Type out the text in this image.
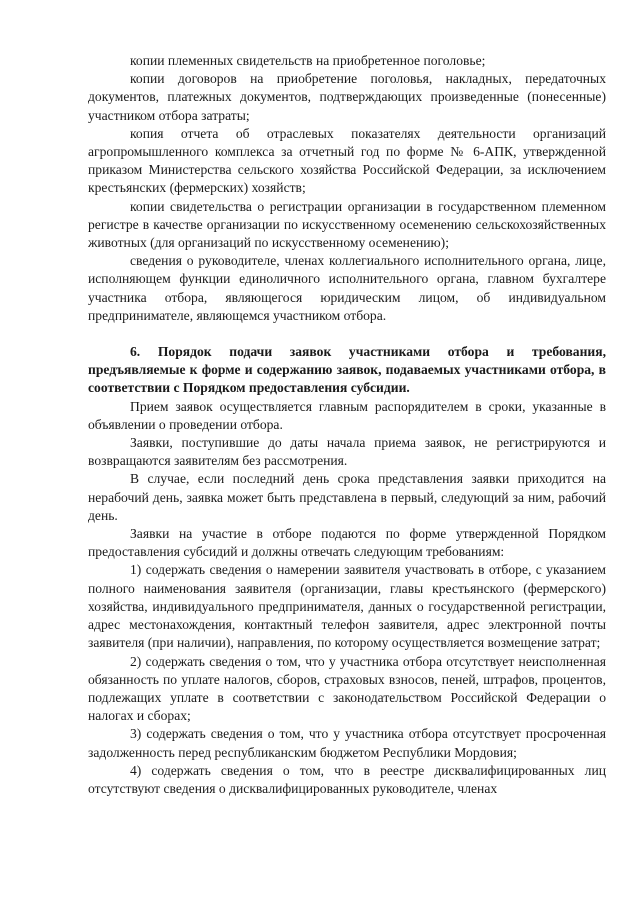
копии племенных свидетельств на приобретенное поголовье;

копии договоров на приобретение поголовья, накладных, передаточных документов, платежных документов, подтверждающих произведенные (понесенные) участником отбора затраты;

копия отчета об отраслевых показателях деятельности организаций агропромышленного комплекса за отчетный год по форме № 6-АПК, утвержденной приказом Министерства сельского хозяйства Российской Федерации, за исключением крестьянских (фермерских) хозяйств;

копии свидетельства о регистрации организации в государственном племенном регистре в качестве организации по искусственному осеменению сельскохозяйственных животных (для организаций по искусственному осеменению);

сведения о руководителе, членах коллегиального исполнительного органа, лице, исполняющем функции единоличного исполнительного органа, главном бухгалтере участника отбора, являющегося юридическим лицом, об индивидуальном предпринимателе, являющемся участником отбора.

6. Порядок подачи заявок участниками отбора и требования, предъявляемые к форме и содержанию заявок, подаваемых участниками отбора, в соответствии с Порядком предоставления субсидии.

Прием заявок осуществляется главным распорядителем в сроки, указанные в объявлении о проведении отбора.

Заявки, поступившие до даты начала приема заявок, не регистрируются и возвращаются заявителям без рассмотрения.

В случае, если последний день срока представления заявки приходится на нерабочий день, заявка может быть представлена в первый, следующий за ним, рабочий день.

Заявки на участие в отборе подаются по форме утвержденной Порядком предоставления субсидий и должны отвечать следующим требованиям:

1) содержать сведения о намерении заявителя участвовать в отборе, с указанием полного наименования заявителя (организации, главы крестьянского (фермерского) хозяйства, индивидуального предпринимателя, данных о государственной регистрации, адрес местонахождения, контактный телефон заявителя, адрес электронной почты заявителя (при наличии), направления, по которому осуществляется возмещение затрат;

2) содержать сведения о том, что у участника отбора отсутствует неисполненная обязанность по уплате налогов, сборов, страховых взносов, пеней, штрафов, процентов, подлежащих уплате в соответствии с законодательством Российской Федерации о налогах и сборах;

3) содержать сведения о том, что у участника отбора отсутствует просроченная задолженность перед республиканским бюджетом Республики Мордовия;

4) содержать сведения о том, что в реестре дисквалифицированных лиц отсутствуют сведения о дисквалифицированных руководителе, членах
